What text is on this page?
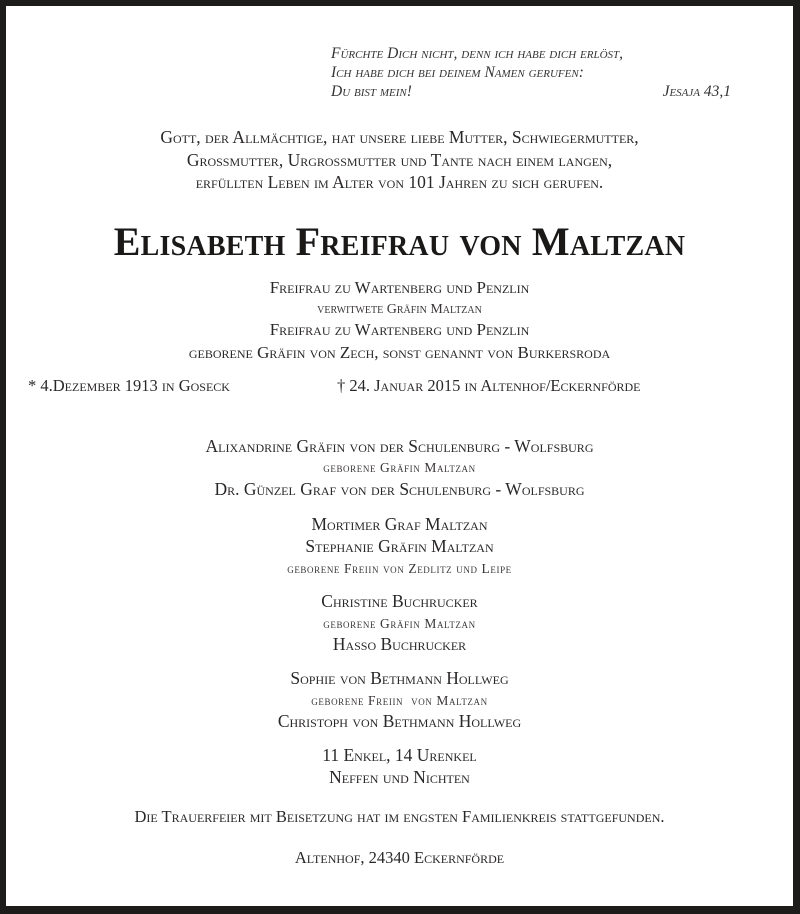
Fürchte Dich nicht, denn ich habe dich erlöst,
Ich habe dich bei deinem Namen gerufen:
Du bist mein!	Jesaja 43,1
Gott, der Allmächtige, hat unsere liebe Mutter, Schwiegermutter,
Grossmutter, Urgrossmutter und Tante nach einem langen,
erfüllten Leben im Alter von 101 Jahren zu sich gerufen.
Elisabeth Freifrau von Maltzan
Freifrau zu Wartenberg und Penzlin
verwitwete Gräfin Maltzan
Freifrau zu Wartenberg und Penzlin
geborene Gräfin von Zech, sonst genannt von Burkersroda
* 4.Dezember 1913 in Goseck	† 24. Januar 2015 in Altenhof/Eckernförde
Alixandrine Gräfin von der Schulenburg - Wolfsburg
geborene Gräfin Maltzan
Dr. Günzel Graf von der Schulenburg - Wolfsburg
Mortimer Graf Maltzan
Stephanie Gräfin Maltzan
geborene Freiin von Zedlitz und Leipe
Christine Buchrucker
geborene Gräfin Maltzan
Hasso Buchrucker
Sophie von Bethmann Hollweg
geborene Freiin  von Maltzan
Christoph von Bethmann Hollweg
11 Enkel, 14 Urenkel
Neffen und Nichten
Die Trauerfeier mit Beisetzung hat im engsten Familienkreis stattgefunden.
Altenhof, 24340 Eckernförde
